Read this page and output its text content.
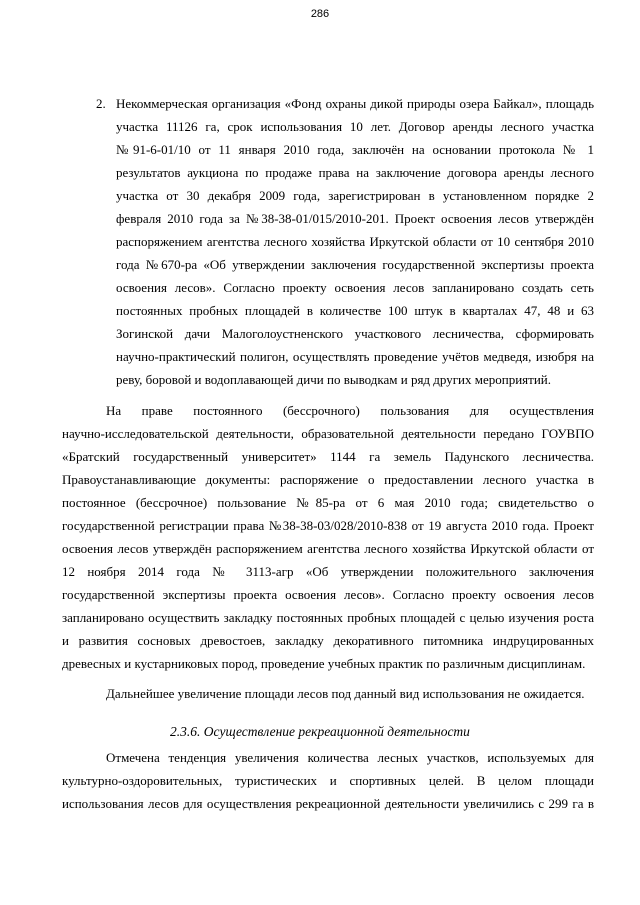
286
2. Некоммерческая организация «Фонд охраны дикой природы озера Байкал», площадь
участка 11126 га, срок использования 10 лет. Договор аренды лесного участка
№91-6-01/10 от 11 января 2010 года, заключён на основании протокола № 1
результатов аукциона по продаже права на заключение договора аренды лесного
участка от 30 декабря 2009 года, зарегистрирован в установленном порядке 2
февраля 2010 года за №38-38-01/015/2010-201. Проект освоения лесов утверждён
распоряжением агентства лесного хозяйства Иркутской области от 10 сентября 2010
года №670-ра «Об утверждении заключения государственной экспертизы проекта
освоения лесов». Согласно проекту освоения лесов запланировано создать сеть
постоянных пробных площадей в количестве 100 штук в кварталах 47, 48 и 63
Зогинской дачи Малоголоустненского участкового лесничества, сформировать
научно-практический полигон, осуществлять проведение учётов медведя, изюбря на
реву, боровой и водоплавающей дичи по выводкам и ряд других мероприятий.
На праве постоянного (бессрочного) пользования для осуществления
научно-исследовательской деятельности, образовательной деятельности передано ГОУВПО
«Братский государственный университет» 1144 га земель Падунского лесничества.
Правоустанавливающие документы: распоряжение о предоставлении лесного участка в
постоянное (бессрочное) пользование №85-ра от 6 мая 2010 года; свидетельство о
государственной регистрации права №38-38-03/028/2010-838 от 19 августа 2010 года. Проект
освоения лесов утверждён распоряжением агентства лесного хозяйства Иркутской области от
12 ноября 2014 года № 3113-агр «Об утверждении положительного заключения
государственной экспертизы проекта освоения лесов». Согласно проекту освоения лесов
запланировано осуществить закладку постоянных пробных площадей с целью изучения роста
и развития сосновых древостоев, закладку декоративного питомника индруцированных
древесных и кустарниковых пород, проведение учебных практик по различным дисциплинам.
Дальнейшее увеличение площади лесов под данный вид использования не ожидается.
2.3.6. Осуществление рекреационной деятельности
Отмечена тенденция увеличения количества лесных участков, используемых для
культурно-оздоровительных, туристических и спортивных целей. В целом площади
использования лесов для осуществления рекреационной деятельности увеличились с 299 га в
